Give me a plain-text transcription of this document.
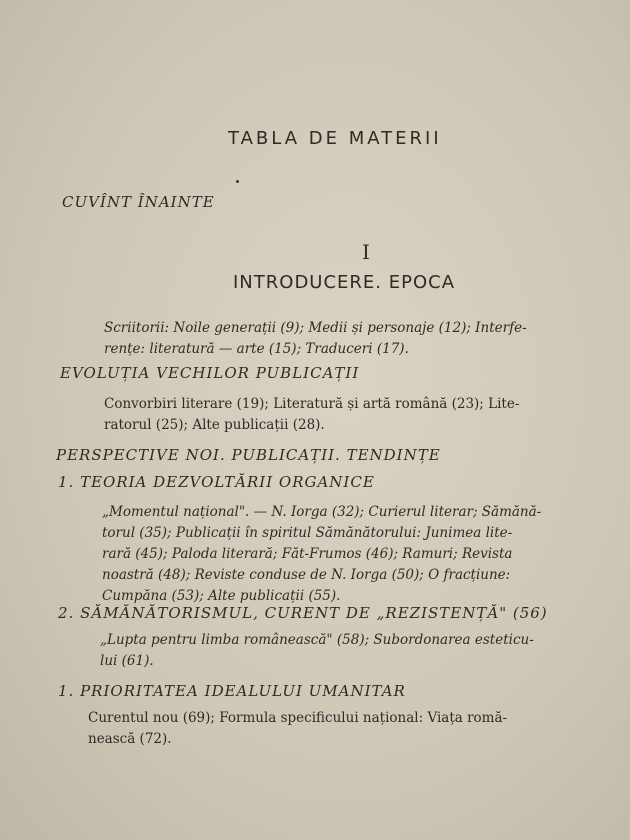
TABLA DE MATERII
CUVÎNT ÎNAINTE
I
INTRODUCERE. EPOCA

Scriitorii: Noile generații (9); Medii și personaje (12); Interfe-

rențe: literatură — arte (15); Traduceri (17).

EVOLUȚIA VECHILOR PUBLICAȚII

Convorbiri literare (19); Literatură și artă română (23); Lite-

ratorul (25); Alte publicații (28).

PERSPECTIVE NOI. PUBLICAȚII. TENDINȚE
1. TEORIA DEZVOLTĂRII ORGANICE

„Momentul național". — N. Iorga (32); Curierul literar; Sămănă-

torul (35); Publicații în spiritul Sămănătorului: Junimea lite-

rară (45); Paloda literară; Făt-Frumos (46); Ramuri; Revista

noastră (48); Reviste conduse de N. Iorga (50); O fracțiune:

Cumpăna (53); Alte publicații (55).

2. SĂMĂNĂTORISMUL, CURENT DE „REZISTENȚĂ" (56)

„Lupta pentru limba românească" (58); Subordonarea esteticu-

lui (61).

1. PRIORITATEA IDEALULUI UMANITAR

Curentul nou (69); Formula specificului național: Viața romă-

nească (72).
